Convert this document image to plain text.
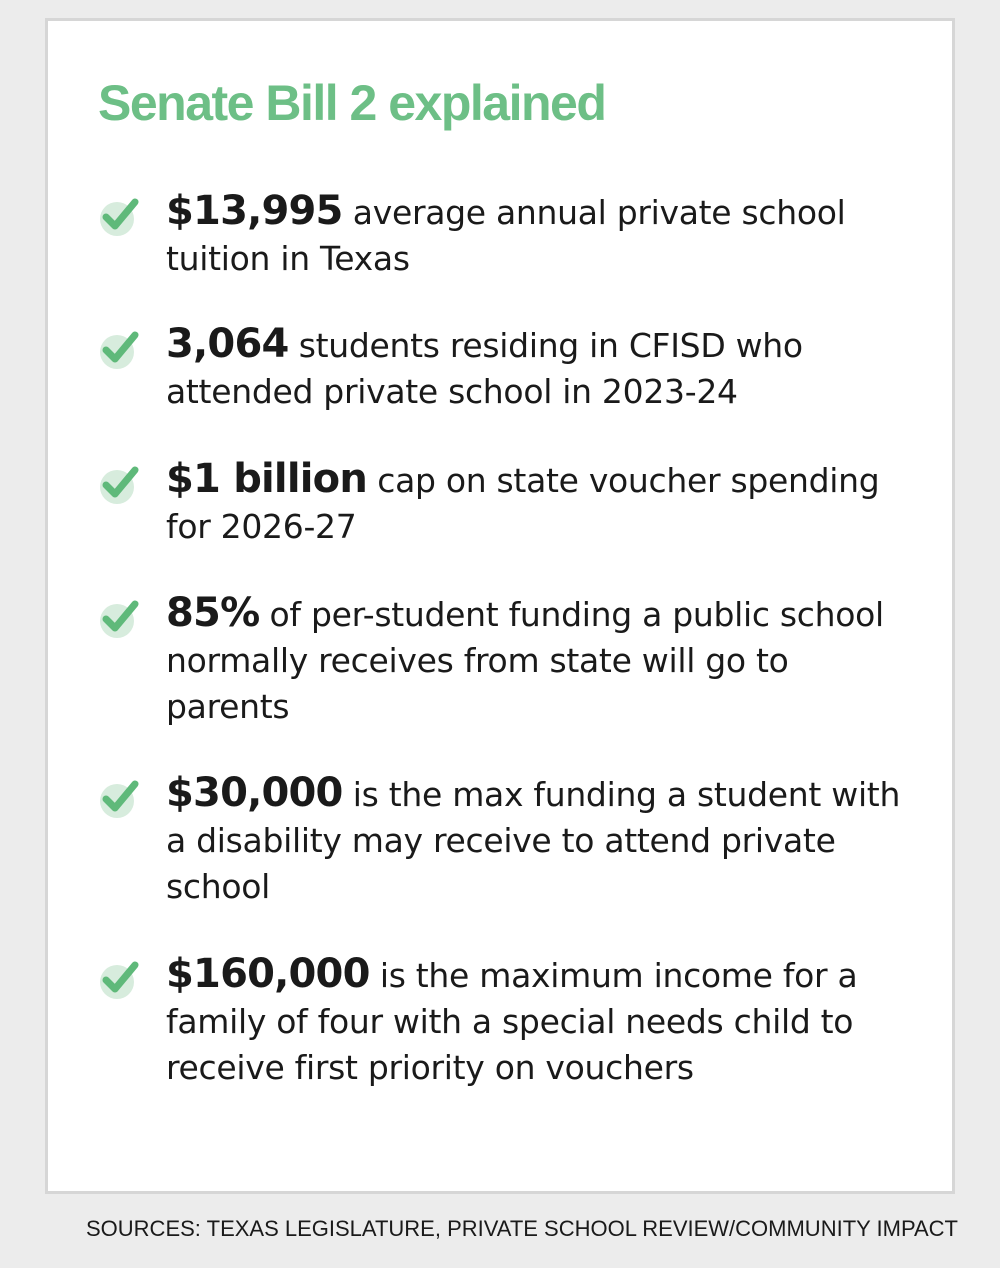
Senate Bill 2 explained

$13,995 average annual private school tuition in Texas

3,064 students residing in CFISD who attended private school in 2023-24

$1 billion cap on state voucher spending for 2026-27

85% of per-student funding a public school normally receives from state will go to parents

$30,000 is the max funding a student with a disability may receive to attend private school

$160,000 is the maximum income for a family of four with a special needs child to receive first priority on vouchers

SOURCES: TEXAS LEGISLATURE, PRIVATE SCHOOL REVIEW/COMMUNITY IMPACT
